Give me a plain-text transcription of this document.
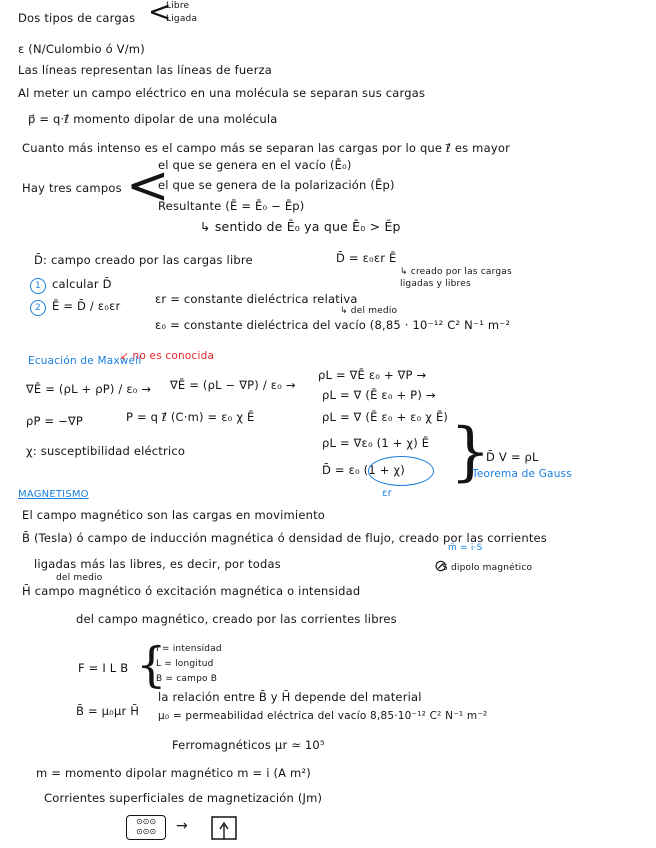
Dos tipos de cargas <
Libre
Ligada
ε (N/Culombio ó V/m)
Las líneas representan las líneas de fuerza
Al meter un campo eléctrico en una molécula se separan sus cargas
p⃗ = q·ℓ⃗ momento dipolar de una molécula
Cuanto más intenso es el campo más se separan las cargas por lo que ℓ⃗ es mayor
Hay tres campos <
el que se genera en el vacío (Ē₀)
el que se genera de la polarización (Ēp)
Resultante (Ē = Ē₀ − Ēp)
↳ sentido de Ē₀ ya que Ē₀ > Ēp
D̄: campo creado por las cargas libre	D̄ = ε₀εr Ē
↳ creado por las cargas ligadas y libres
1 calcular D̄
2 Ē = D̄ / ε₀εr	εr = constante dieléctrica relativa
↳ del medio
ε₀ = constante dieléctrica del vacío (8,85 · 10⁻¹² C² N⁻¹ m⁻²
Ecuación de Maxwell
↙ no es conocida
∇Ē = (ρL + ρP) / ε₀ → ∇Ē = (ρL − ∇P) / ε₀ →
ρL = ∇Ē ε₀ + ∇P →
ρP = −∇P	P = q ℓ⃗ (C·m) = ε₀ χ Ē
ρL = ∇ (Ē ε₀ + P) →
ρL = ∇ (Ē ε₀ + ε₀ χ Ē)
χ: susceptibilidad eléctrico
ρL = ∇ε₀ (1 + χ) Ē
D̄ = ε₀ (1 + χ)
εr
}
D̄ V = ρL
Teorema de Gauss
MAGNETISMO
El campo magnético son las cargas en movimiento
B̄ (Tesla) ó campo de inducción magnética ó densidad de flujo, creado por las corrientes
ligadas más las libres, es decir, por todas
m̄ = i·S
S dipolo magnético
⊘
del medio
H̄ campo magnético ó excitación magnética o intensidad
del campo magnético, creado por las corrientes libres
F = I L B {
I = intensidad
L = longitud
B = campo B
B̄ = μ₀μr H̄
la relación entre B̄ y H̄ depende del material
μ₀ = permeabilidad eléctrica del vacío 8,85·10⁻¹² C² N⁻¹ m⁻²
Ferromagnéticos μr ≃ 10⁵
m = momento dipolar magnético m = i (A m²)
Corrientes superficiales de magnetización (Jm)
⊙⊙⊙
⊙⊙⊙	→
